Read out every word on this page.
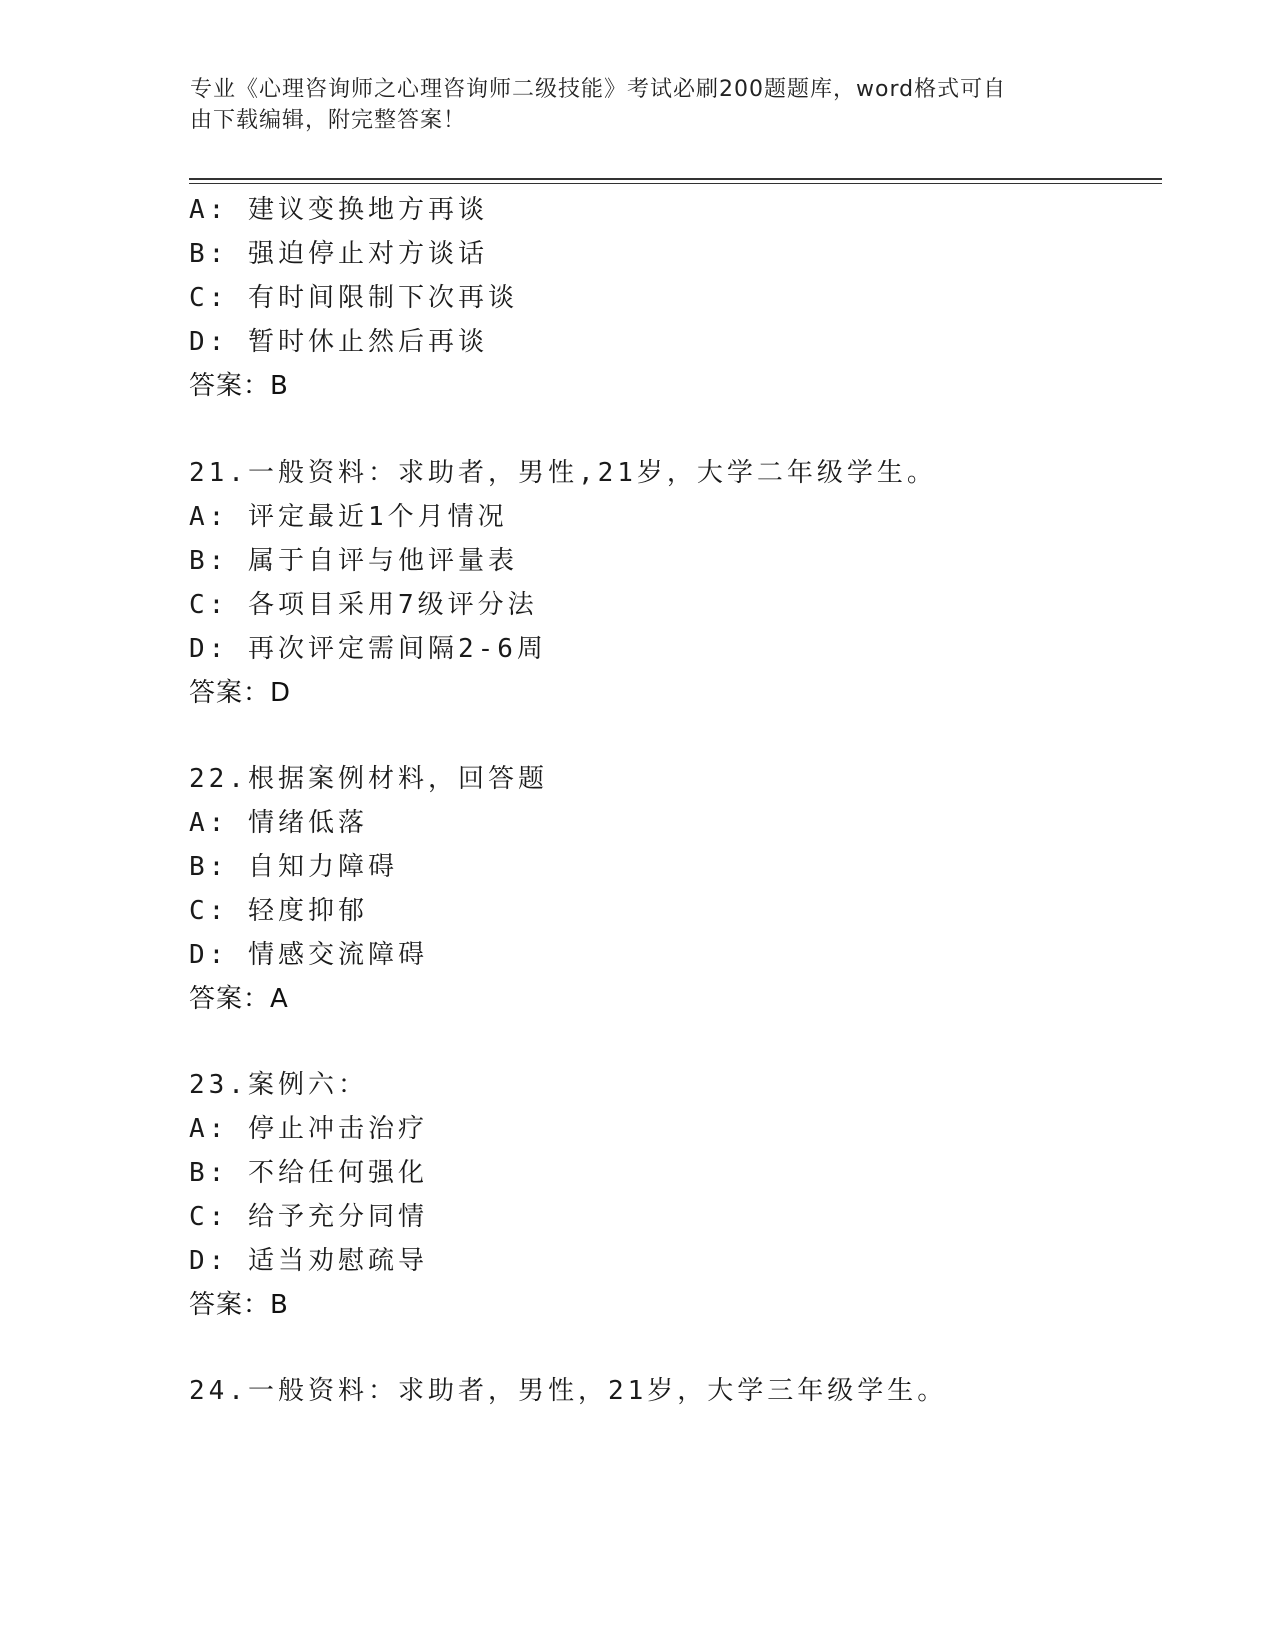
专业《心理咨询师之心理咨询师二级技能》考试必刷200题题库，word格式可自
由下载编辑，附完整答案！
A: 建议变换地方再谈
B: 强迫停止对方谈话
C: 有时间限制下次再谈
D: 暂时休止然后再谈
答案：B
21.一般资料：求助者，男性,21岁，大学二年级学生。
A: 评定最近1个月情况
B: 属于自评与他评量表
C: 各项目采用7级评分法
D: 再次评定需间隔2-6周
答案：D
22.根据案例材料，回答题
A: 情绪低落
B: 自知力障碍
C: 轻度抑郁
D: 情感交流障碍
答案：A
23.案例六：
A: 停止冲击治疗
B: 不给任何强化
C: 给予充分同情
D: 适当劝慰疏导
答案：B
24.一般资料：求助者，男性，21岁，大学三年级学生。
